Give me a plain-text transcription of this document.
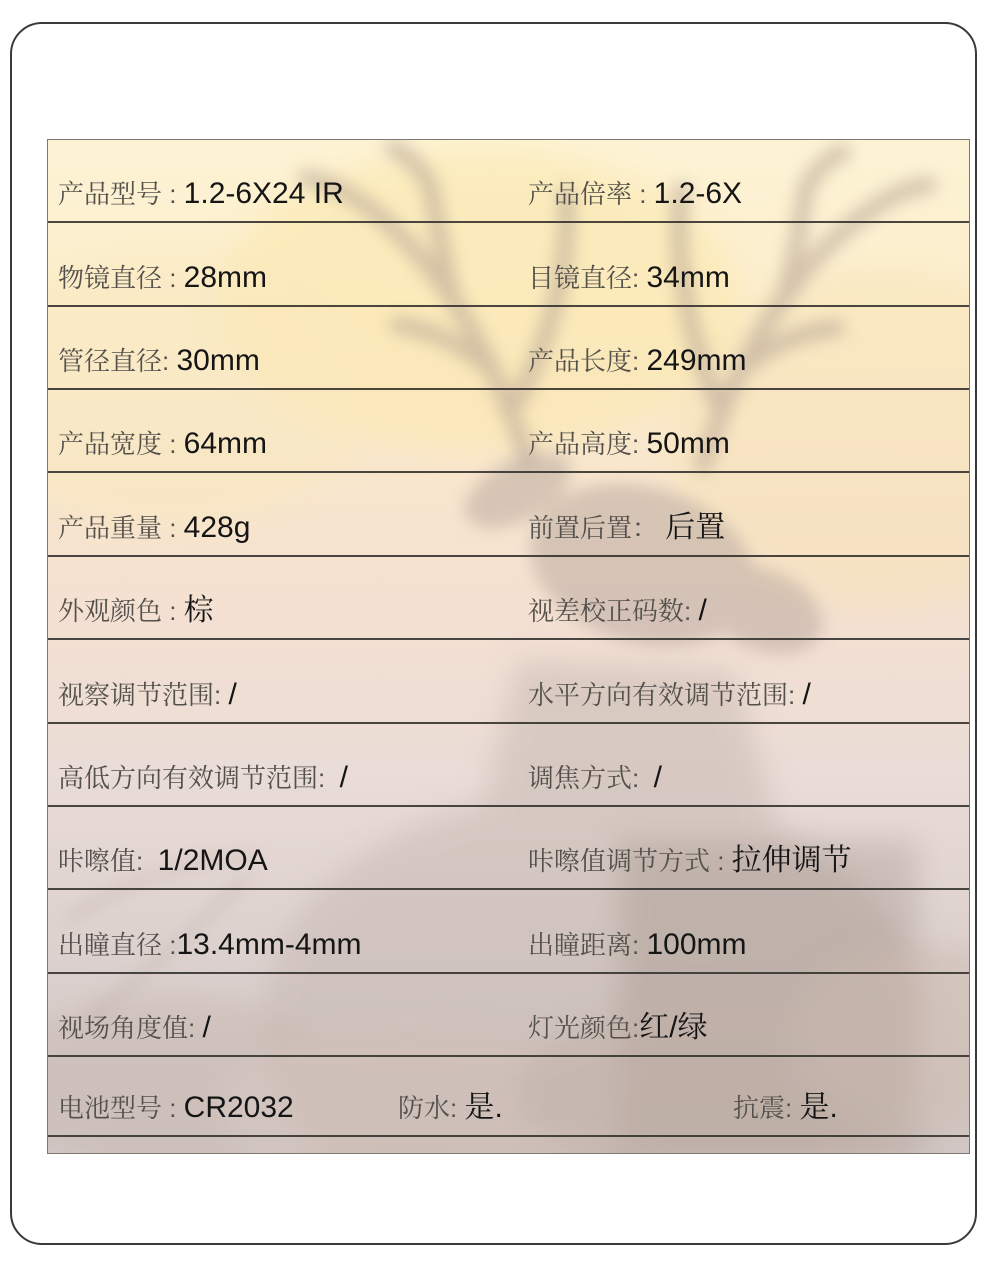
产品型号 : 1.2-6X24 IR	产品倍率 : 1.2-6X
物镜直径 : 28mm	目镜直径: 34mm
管径直径: 30mm	产品长度: 249mm
产品宽度 : 64mm	产品高度: 50mm
产品重量 : 428g	前置后置： 后置
外观颜色 : 棕	视差校正码数: /
视察调节范围: /	水平方向有效调节范围: /
高低方向有效调节范围:  /	调焦方式:  /
咔嚓值:  1/2MOA	咔嚓值调节方式 : 拉伸调节
出瞳直径 :13.4mm-4mm	出瞳距离: 100mm
视场角度值: /	灯光颜色:红/绿
电池型号 : CR2032	防水: 是.	抗震: 是.
